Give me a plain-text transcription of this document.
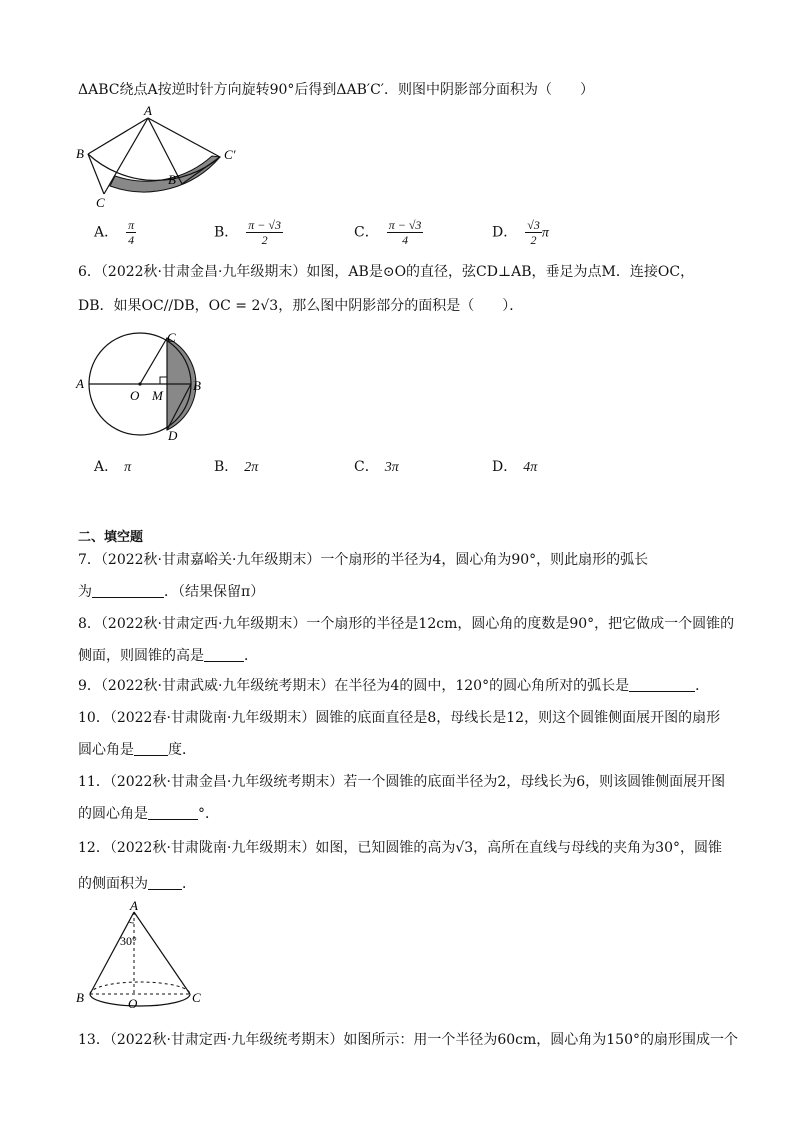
ΔABC绕点A按逆时针方向旋转90°后得到ΔAB′C′．则图中阴影部分面积为（　　）
A
B
C
B′
C′
A． $\frac{\pi}{4}$	B． $\frac{\pi - √3}{2}$	C． $\frac{\pi - √3}{4}$	D． $\frac{√3}{2}$ π
6．（2022秋·甘肃金昌·九年级期末）如图，AB是⊙O的直径，弦CD⊥AB，垂足为点M．连接OC，
DB．如果OC//DB，OC = 2√3，那么图中阴影部分的面积是（　　）．
A
O M
B
C
D
A． π	B． 2π	C． 3π	D． 4π
二、填空题
7．（2022秋·甘肃嘉峪关·九年级期末）一个扇形的半径为4，圆心角为90°，则此扇形的弧长
为	．（结果保留π）
8．（2022秋·甘肃定西·九年级期末）一个扇形的半径是12cm，圆心角的度数是90°，把它做成一个圆锥的
侧面，则圆锥的高是	．
9．（2022秋·甘肃武威·九年级统考期末）在半径为4的圆中，120°的圆心角所对的弧长是	．
10．（2022春·甘肃陇南·九年级期末）圆锥的底面直径是8，母线长是12，则这个圆锥侧面展开图的扇形
圆心角是 度．
11．（2022秋·甘肃金昌·九年级统考期末）若一个圆锥的底面半径为2，母线长为6，则该圆锥侧面展开图
的圆心角是	°．
12．（2022秋·甘肃陇南·九年级期末）如图，已知圆锥的高为√3，高所在直线与母线的夹角为30°，圆锥
的侧面积为 ．
A
30°
B	C
O
13．（2022秋·甘肃定西·九年级统考期末）如图所示：用一个半径为60cm，圆心角为150°的扇形围成一个
